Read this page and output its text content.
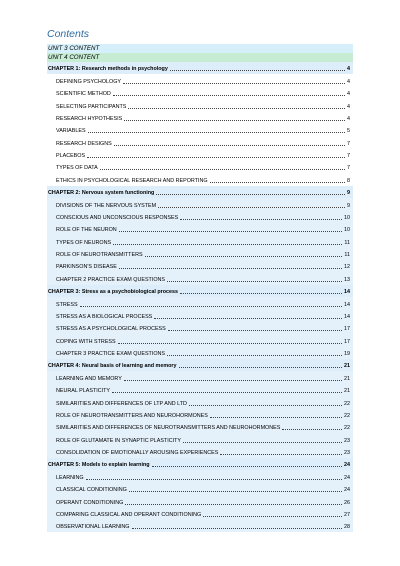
Contents
UNIT 3 CONTENT
UNIT 4 CONTENT
CHAPTER 1: Research methods in psychology	4
DEFINING PSYCHOLOGY	4
SCIENTIFIC METHOD	4
SELECTING PARTICIPANTS	4
RESEARCH HYPOTHESIS	4
VARIABLES	5
RESEARCH DESIGNS	7
PLACEBOS	7
TYPES OF DATA	7
ETHICS IN PSYCHOLOGICAL RESEARCH AND REPORTING	8
CHAPTER 2: Nervous system functioning	9
DIVISIONS OF THE NERVOUS SYSTEM	9
CONSCIOUS AND UNCONSCIOUS RESPONSES	10
ROLE OF THE NEURON	10
TYPES OF NEURONS	11
ROLE OF NEUROTRANSMITTERS	11
PARKINSON'S DISEASE	12
CHAPTER 2 PRACTICE EXAM QUESTIONS	13
CHAPTER 3: Stress as a psychobiological process	14
STRESS	14
STRESS AS A BIOLOGICAL PROCESS	14
STRESS AS A PSYCHOLOGICAL PROCESS	17
COPING WITH STRESS	17
CHAPTER 3 PRACTICE EXAM QUESTIONS	19
CHAPTER 4: Neural basis of learning and memory	21
LEARNING AND MEMORY	21
NEURAL PLASTICITY	21
SIMILARITIES AND DIFFERENCES OF LTP AND LTD	22
ROLE OF NEUROTRANSMITTERS AND NEUROHORMONES	22
SIMILARITIES AND DIFFERENCES OF NEUROTRANSMITTERS AND NEUROHORMONES	22
ROLE OF GLUTAMATE IN SYNAPTIC PLASTICITY	23
CONSOLIDATION OF EMOTIONALLY AROUSING EXPERIENCES	23
CHAPTER 5: Models to explain learning	24
LEARNING	24
CLASSICAL CONDITIONING	24
OPERANT CONDITIONING	26
COMPARING CLASSICAL AND OPERANT CONDITIONING	27
OBSERVATIONAL LEARNING	28
